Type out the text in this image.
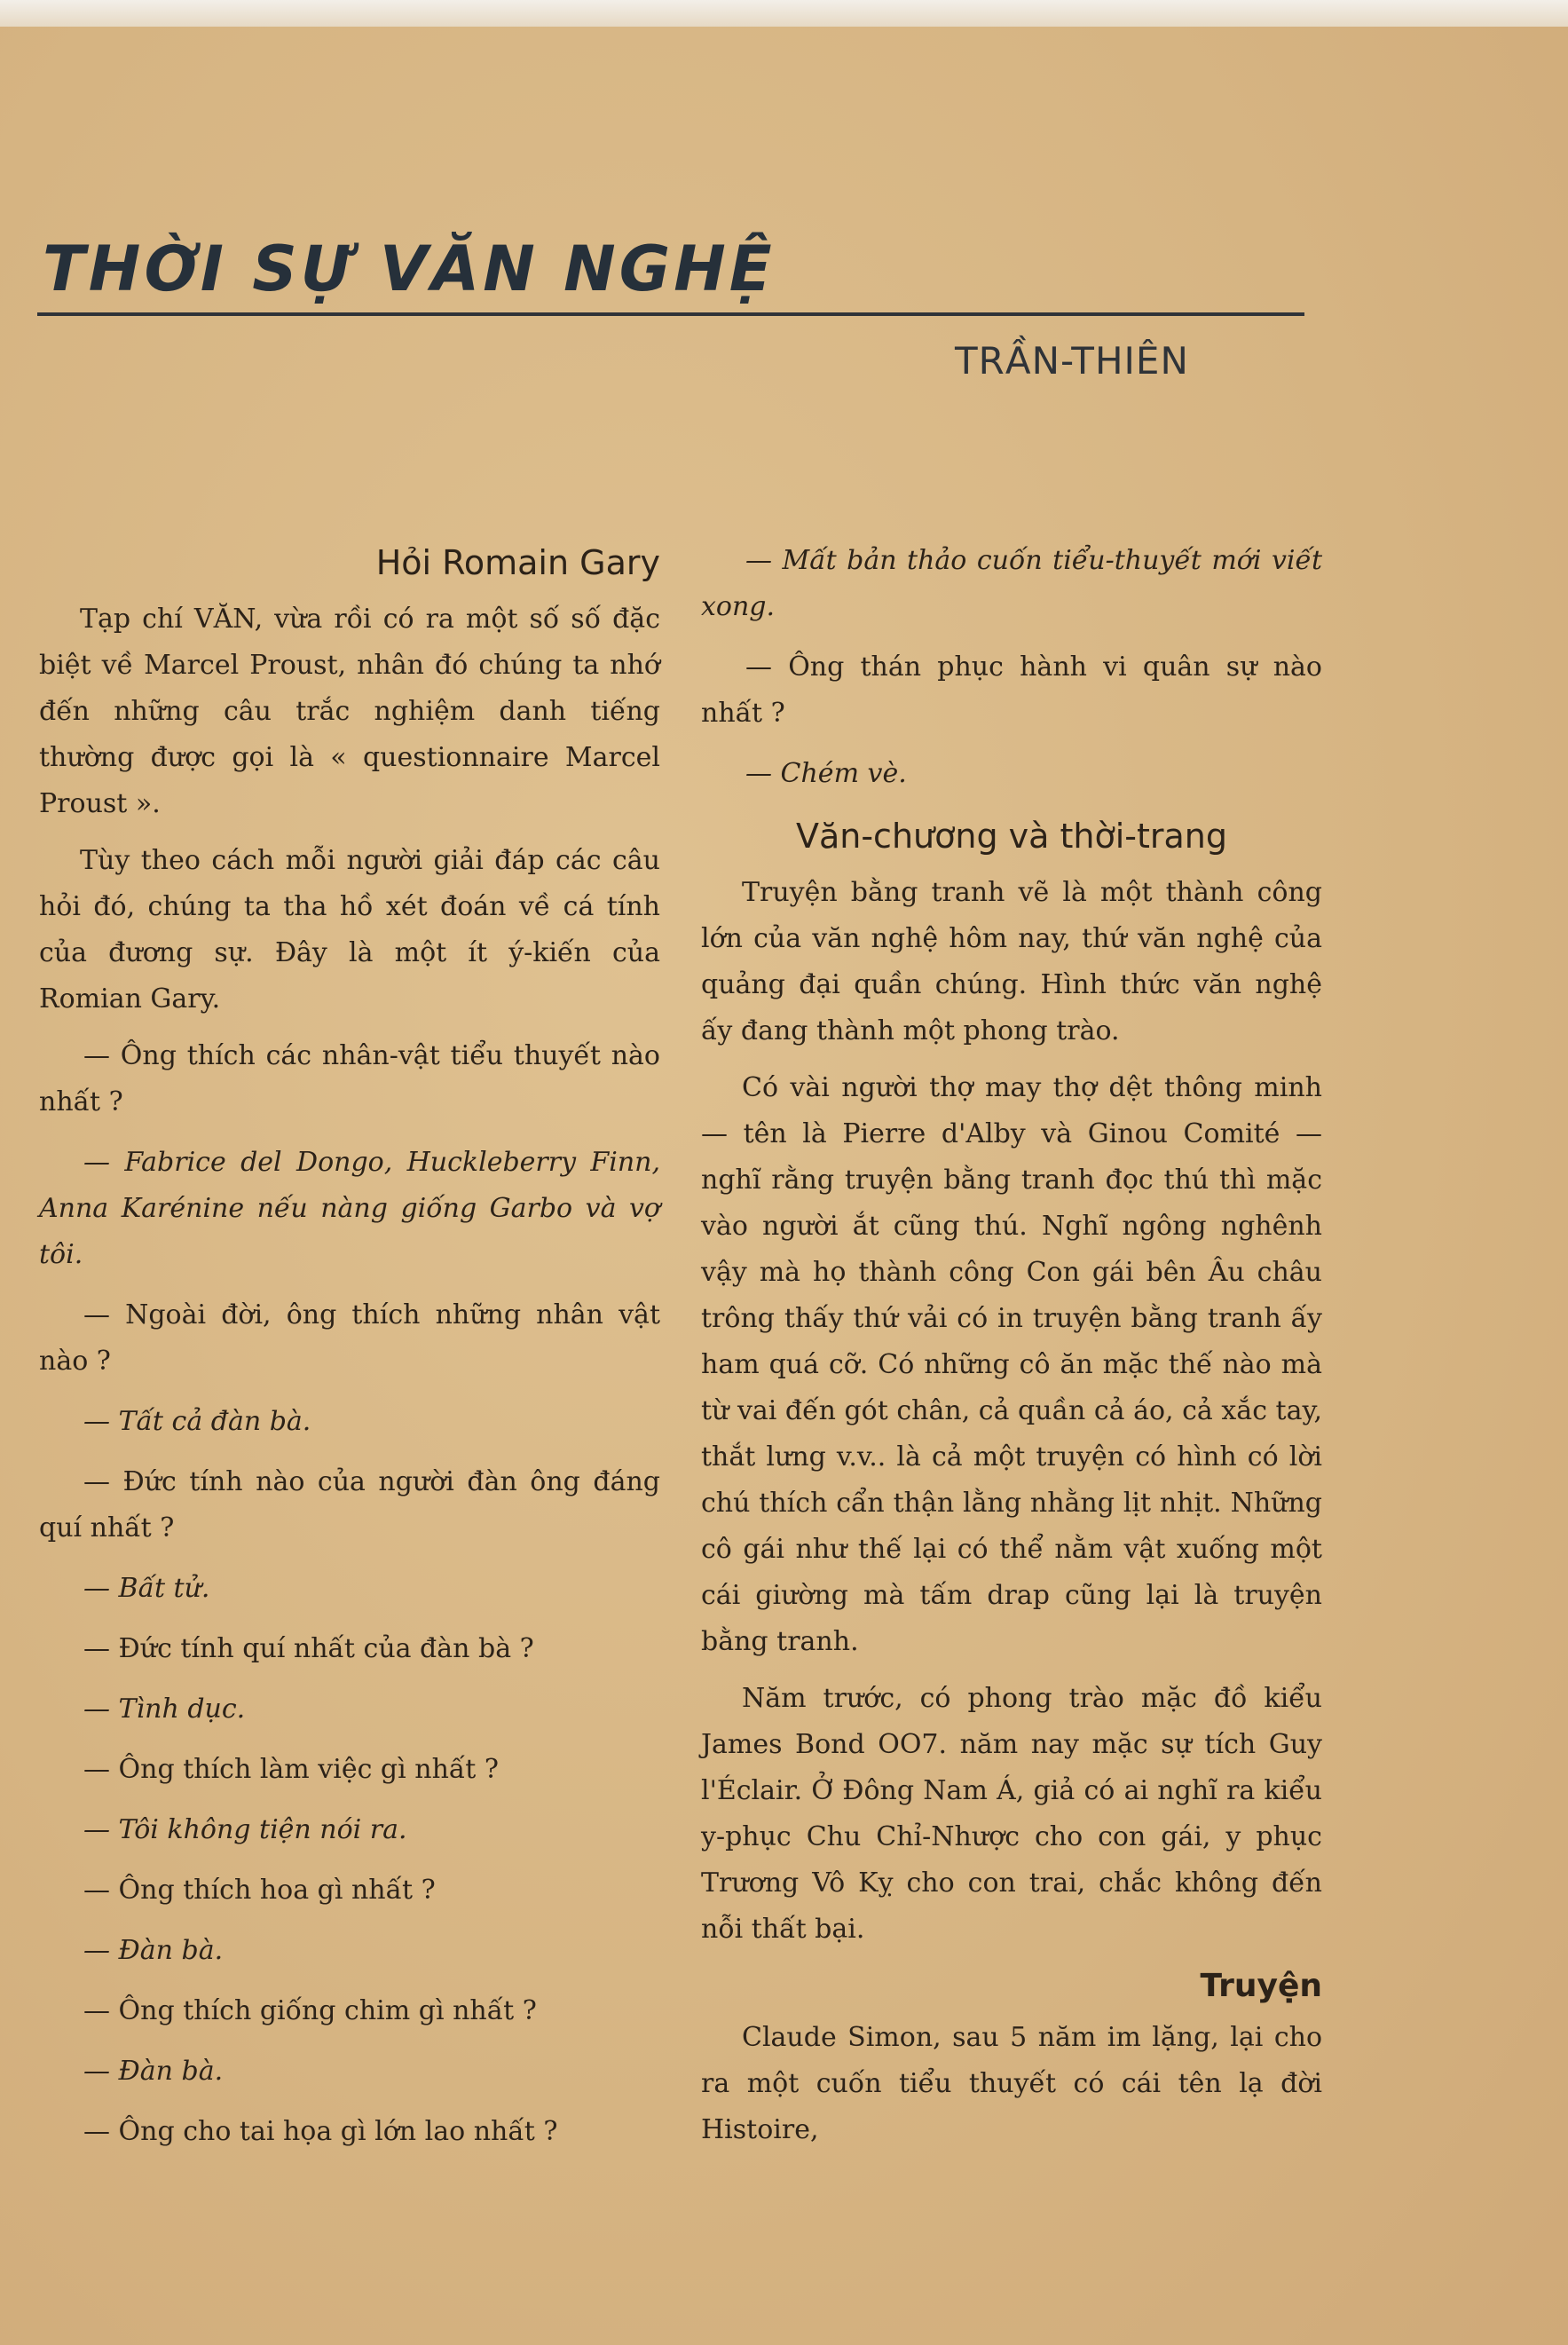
THỜI SỰ VĂN NGHỆ
TRẦN-THIÊN
Hỏi Romain Gary

Tạp chí VĂN, vừa rồi có ra một số số đặc biệt về Marcel Proust, nhân đó chúng ta nhớ đến những câu trắc nghiệm danh tiếng thường được gọi là « questionnaire Marcel Proust ».

Tùy theo cách mỗi người giải đáp các câu hỏi đó, chúng ta tha hồ xét đoán về cá tính của đương sự. Đây là một ít ý-kiến của Romian Gary.

— Ông thích các nhân-vật tiểu thuyết nào nhất ?

— Fabrice del Dongo, Huckleberry Finn, Anna Karénine nếu nàng giống Garbo và vợ tôi.

— Ngoài đời, ông thích những nhân vật nào ?

— Tất cả đàn bà.

— Đức tính nào của người đàn ông đáng quí nhất ?

— Bất tử.

— Đức tính quí nhất của đàn bà ?

— Tình dục.

— Ông thích làm việc gì nhất ?

— Tôi không tiện nói ra.

— Ông thích hoa gì nhất ?

— Đàn bà.

— Ông thích giống chim gì nhất ?

— Đàn bà.

— Ông cho tai họa gì lớn lao nhất ?

— Mất bản thảo cuốn tiểu-thuyết mới viết xong.

— Ông thán phục hành vi quân sự nào nhất ?

— Chém vè.

Văn-chương và thời-trang

Truyện bằng tranh vẽ là một thành công lớn của văn nghệ hôm nay, thứ văn nghệ của quảng đại quần chúng. Hình thức văn nghệ ấy đang thành một phong trào.

Có vài người thợ may thợ dệt thông minh — tên là Pierre d'Alby và Ginou Comité — nghĩ rằng truyện bằng tranh đọc thú thì mặc vào người ắt cũng thú. Nghĩ ngông nghênh vậy mà họ thành công Con gái bên Âu châu trông thấy thứ vải có in truyện bằng tranh ấy ham quá cỡ. Có những cô ăn mặc thế nào mà từ vai đến gót chân, cả quần cả áo, cả xắc tay, thắt lưng v.v.. là cả một truyện có hình có lời chú thích cẩn thận lằng nhằng lịt nhịt. Những cô gái như thế lại có thể nằm vật xuống một cái giường mà tấm drap cũng lại là truyện bằng tranh.

Năm trước, có phong trào mặc đồ kiểu James Bond OO7. năm nay mặc sự tích Guy l'Éclair. Ở Đông Nam Á, giả có ai nghĩ ra kiểu y-phục Chu Chỉ-Nhược cho con gái, y phục Trương Vô Kỵ cho con trai, chắc không đến nỗi thất bại.

Truyện

Claude Simon, sau 5 năm im lặng, lại cho ra một cuốn tiểu thuyết có cái tên lạ đời Histoire,
